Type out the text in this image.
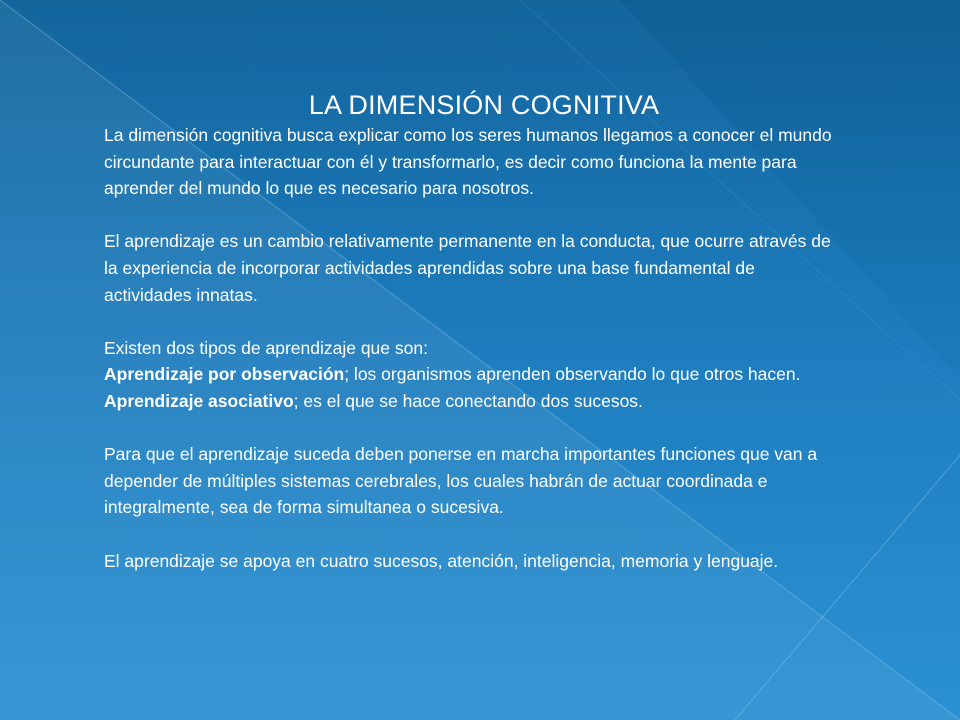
LA DIMENSIÓN COGNITIVA

La dimensión cognitiva busca explicar como los seres humanos llegamos a conocer el mundo circundante para interactuar con él y transformarlo, es decir como funciona la mente para aprender del mundo lo que es necesario para nosotros.

El aprendizaje es un cambio relativamente permanente en la conducta, que ocurre através de la experiencia de incorporar actividades aprendidas sobre una base fundamental de actividades innatas.

Existen dos tipos de aprendizaje que son:

Aprendizaje por observación; los organismos aprenden observando lo que otros hacen.

Aprendizaje asociativo; es el que se hace conectando dos sucesos.

Para que el aprendizaje suceda deben ponerse en marcha importantes funciones que van a depender de múltiples sistemas cerebrales, los cuales habrán de actuar coordinada e integralmente, sea de forma simultanea o sucesiva.

El aprendizaje se apoya en cuatro sucesos, atención, inteligencia, memoria y lenguaje.
